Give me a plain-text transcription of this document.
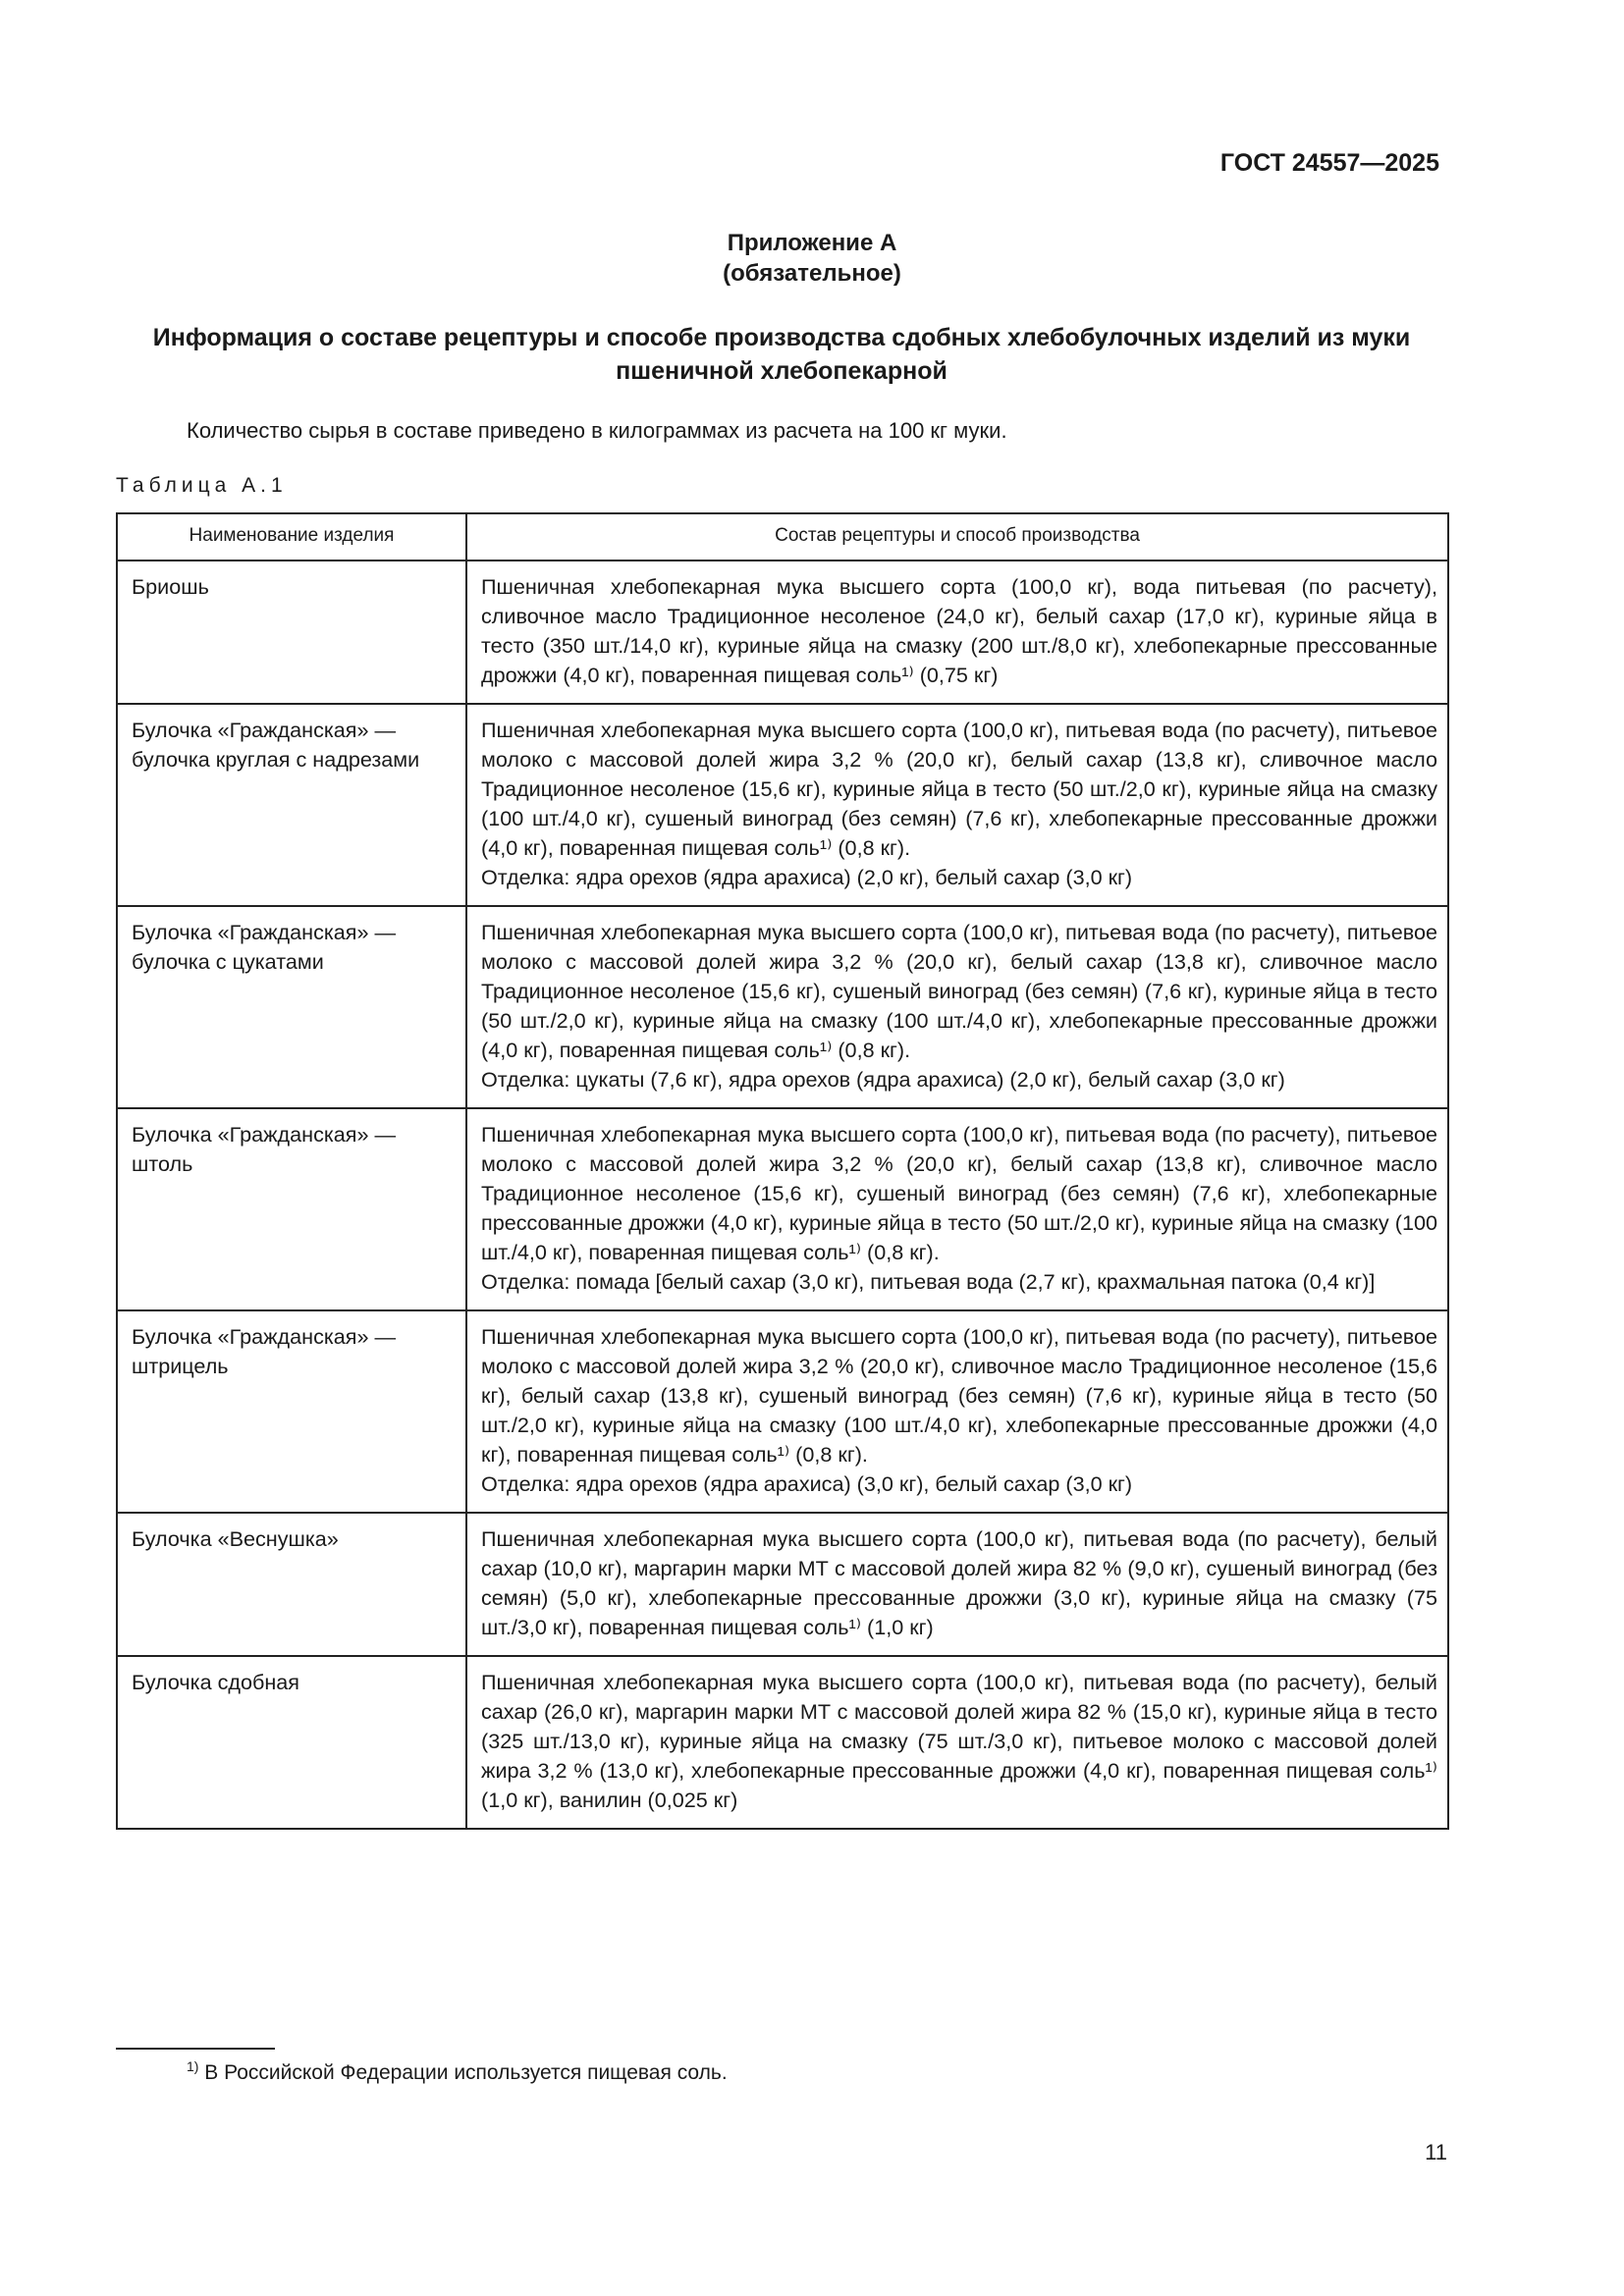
ГОСТ 24557—2025
Приложение А
(обязательное)
Информация о составе рецептуры и способе производства сдобных хлебобулочных изделий из муки пшеничной хлебопекарной
Количество сырья в составе приведено в килограммах из расчета на 100 кг муки.
Таблица А.1
Наименование изделия	Состав рецептуры и способ производства
Бриошь	Пшеничная хлебопекарная мука высшего сорта (100,0 кг), вода питьевая (по расчету), сливочное масло Традиционное несоленое (24,0 кг), белый сахар (17,0 кг), куриные яйца в тесто (350 шт./14,0 кг), куриные яйца на смазку (200 шт./8,0 кг), хлебопекарные прессованные дрожжи (4,0 кг), поваренная пищевая соль¹⁾ (0,75 кг)

Булочка «Гражданская» — булочка круглая с надрезами	Пшеничная хлебопекарная мука высшего сорта (100,0 кг), питьевая вода (по расчету), питьевое молоко с массовой долей жира 3,2 % (20,0 кг), белый сахар (13,8 кг), сливочное масло Традиционное несоленое (15,6 кг), куриные яйца в тесто (50 шт./2,0 кг), куриные яйца на смазку (100 шт./4,0 кг), сушеный виноград (без семян) (7,6 кг), хлебопекарные прессованные дрожжи (4,0 кг), поваренная пищевая соль¹⁾ (0,8 кг).
Отделка: ядра орехов (ядра арахиса) (2,0 кг), белый сахар (3,0 кг)

Булочка «Гражданская» — булочка с цукатами	Пшеничная хлебопекарная мука высшего сорта (100,0 кг), питьевая вода (по расчету), питьевое молоко с массовой долей жира 3,2 % (20,0 кг), белый сахар (13,8 кг), сливочное масло Традиционное несоленое (15,6 кг), сушеный виноград (без семян) (7,6 кг), куриные яйца в тесто (50 шт./2,0 кг), куриные яйца на смазку (100 шт./4,0 кг), хлебопекарные прессованные дрожжи (4,0 кг), поваренная пищевая соль¹⁾ (0,8 кг).
Отделка: цукаты (7,6 кг), ядра орехов (ядра арахиса) (2,0 кг), белый сахар (3,0 кг)

Булочка «Гражданская» — штоль	Пшеничная хлебопекарная мука высшего сорта (100,0 кг), питьевая вода (по расчету), питьевое молоко с массовой долей жира 3,2 % (20,0 кг), белый сахар (13,8 кг), сливочное масло Традиционное несоленое (15,6 кг), сушеный виноград (без семян) (7,6 кг), хлебопекарные прессованные дрожжи (4,0 кг), куриные яйца в тесто (50 шт./2,0 кг), куриные яйца на смазку (100 шт./4,0 кг), поваренная пищевая соль¹⁾ (0,8 кг).
Отделка: помада [белый сахар (3,0 кг), питьевая вода (2,7 кг), крахмальная патока (0,4 кг)]

Булочка «Гражданская» — штрицель	Пшеничная хлебопекарная мука высшего сорта (100,0 кг), питьевая вода (по расчету), питьевое молоко с массовой долей жира 3,2 % (20,0 кг), сливочное масло Традиционное несоленое (15,6 кг), белый сахар (13,8 кг), сушеный виноград (без семян) (7,6 кг), куриные яйца в тесто (50 шт./2,0 кг), куриные яйца на смазку (100 шт./4,0 кг), хлебопекарные прессованные дрожжи (4,0 кг), поваренная пищевая соль¹⁾ (0,8 кг).
Отделка: ядра орехов (ядра арахиса) (3,0 кг), белый сахар (3,0 кг)

Булочка «Веснушка»	Пшеничная хлебопекарная мука высшего сорта (100,0 кг), питьевая вода (по расчету), белый сахар (10,0 кг), маргарин марки МТ с массовой долей жира 82 % (9,0 кг), сушеный виноград (без семян) (5,0 кг), хлебопекарные прессованные дрожжи (3,0 кг), куриные яйца на смазку (75 шт./3,0 кг), поваренная пищевая соль¹⁾ (1,0 кг)

Булочка сдобная	Пшеничная хлебопекарная мука высшего сорта (100,0 кг), питьевая вода (по расчету), белый сахар (26,0 кг), маргарин марки МТ с массовой долей жира 82 % (15,0 кг), куриные яйца в тесто (325 шт./13,0 кг), куриные яйца на смазку (75 шт./3,0 кг), питьевое молоко с массовой долей жира 3,2 % (13,0 кг), хлебопекарные прессованные дрожжи (4,0 кг), поваренная пищевая соль¹⁾ (1,0 кг), ванилин (0,025 кг)
$^{1)}$ В Российской Федерации используется пищевая соль.
11
